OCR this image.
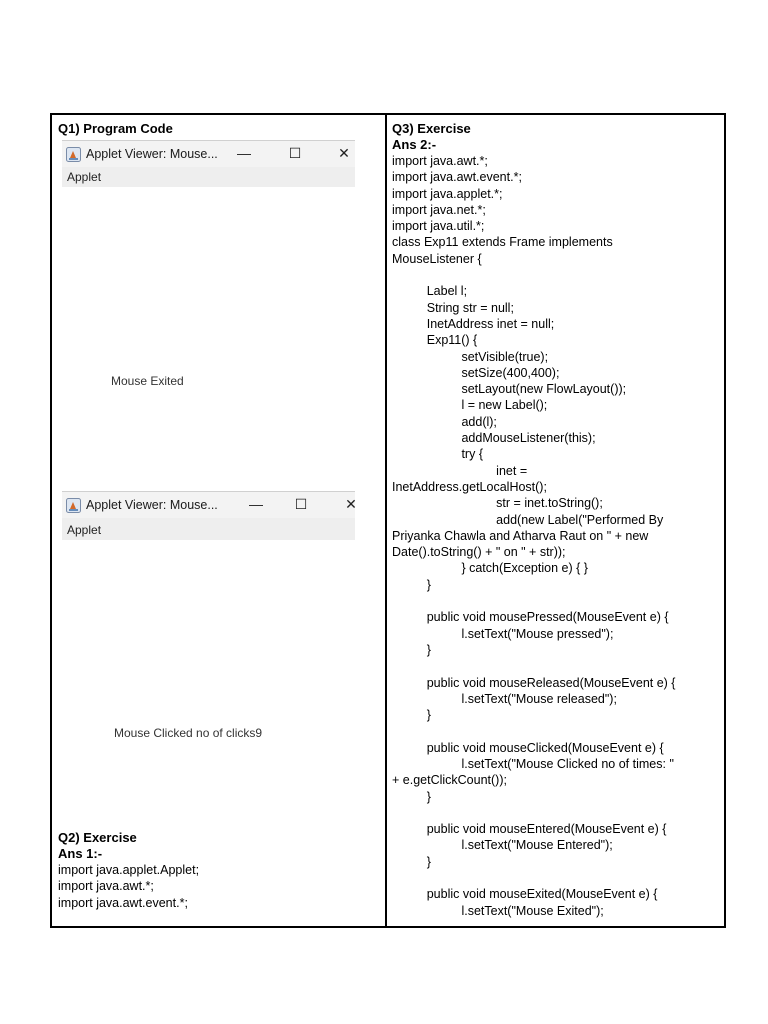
Q1) Program Code
Applet Viewer: Mouse...	—	☐	✕
Applet
Mouse Exited
Applet Viewer: Mouse...	—	☐	✕
Applet
Mouse Clicked no of clicks9
Q2) Exercise
Ans 1:-
import java.applet.Applet;
import java.awt.*;
import java.awt.event.*;
Q3) Exercise
Ans 2:-
import java.awt.*;
import java.awt.event.*;
import java.applet.*;
import java.net.*;
import java.util.*;
class Exp11 extends Frame implements
MouseListener {

Label l;
String str = null;
InetAddress inet = null;
Exp11() {
setVisible(true);
setSize(400,400);
setLayout(new FlowLayout());
l = new Label();
add(l);
addMouseListener(this);
try {
inet =
InetAddress.getLocalHost();
str = inet.toString();
add(new Label("Performed By
Priyanka Chawla and Atharva Raut on " + new
Date().toString() + " on " + str));
} catch(Exception e) { }
}

public void mousePressed(MouseEvent e) {
l.setText("Mouse pressed");
}

public void mouseReleased(MouseEvent e) {
l.setText("Mouse released");
}

public void mouseClicked(MouseEvent e) {
l.setText("Mouse Clicked no of times: "
+ e.getClickCount());
}

public void mouseEntered(MouseEvent e) {
l.setText("Mouse Entered");
}

public void mouseExited(MouseEvent e) {
l.setText("Mouse Exited");
